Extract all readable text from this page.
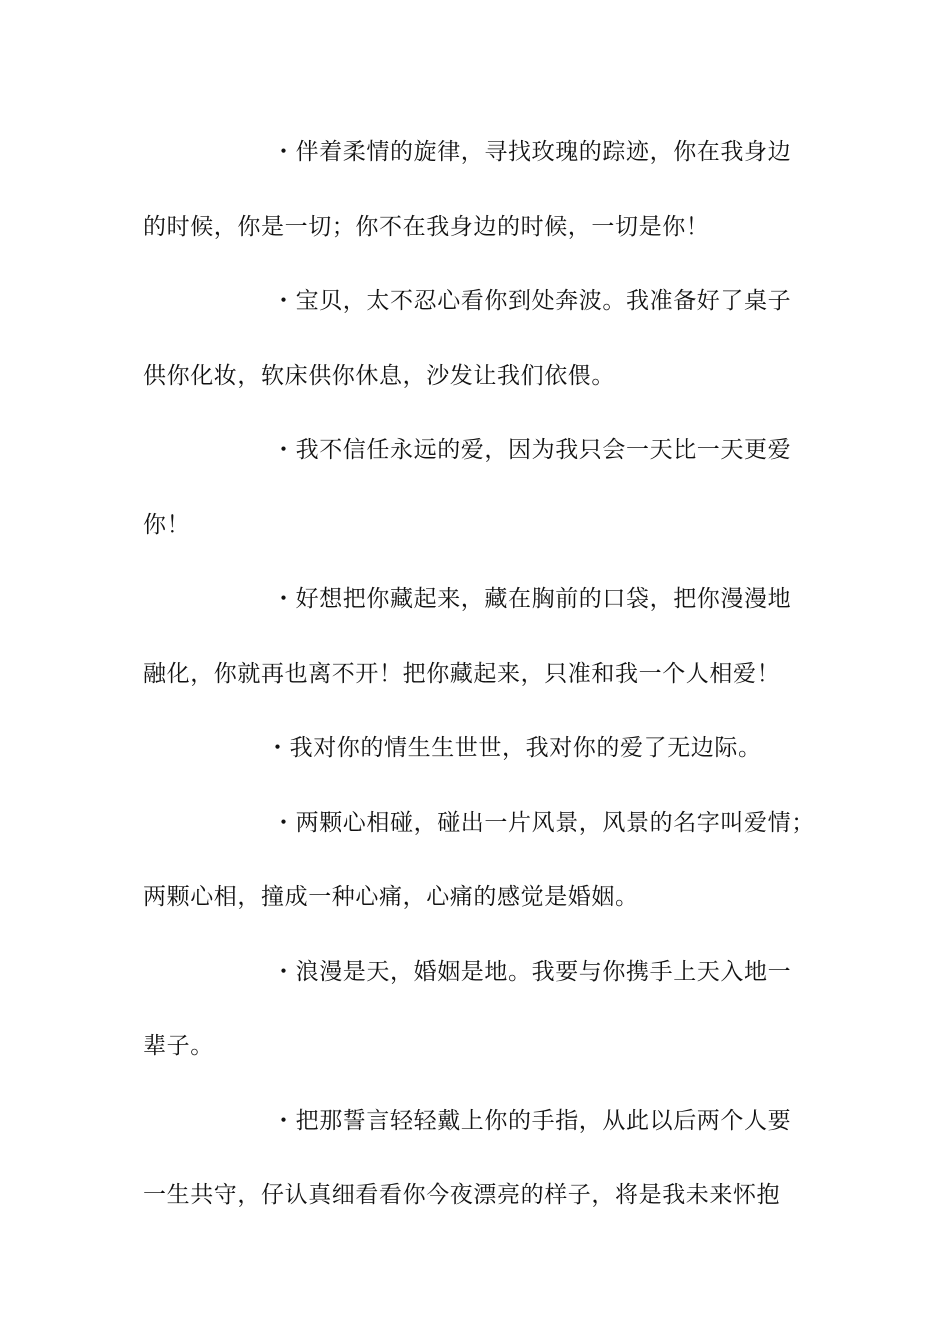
・伴着柔情的旋律，寻找玫瑰的踪迹，你在我身边
的时候，你是一切；你不在我身边的时候，一切是你！
・宝贝，太不忍心看你到处奔波。我准备好了桌子
供你化妆，软床供你休息，沙发让我们依偎。
・我不信任永远的爱，因为我只会一天比一天更爱
你！
・好想把你藏起来，藏在胸前的口袋，把你漫漫地
融化，你就再也离不开！把你藏起来，只准和我一个人相爱！
・我对你的情生生世世，我对你的爱了无边际。
・两颗心相碰，碰出一片风景，风景的名字叫爱情；
两颗心相，撞成一种心痛，心痛的感觉是婚姻。
・浪漫是天，婚姻是地。我要与你携手上天入地一
辈子。
・把那誓言轻轻戴上你的手指，从此以后两个人要
一生共守，仔认真细看看你今夜漂亮的样子，将是我未来怀抱
